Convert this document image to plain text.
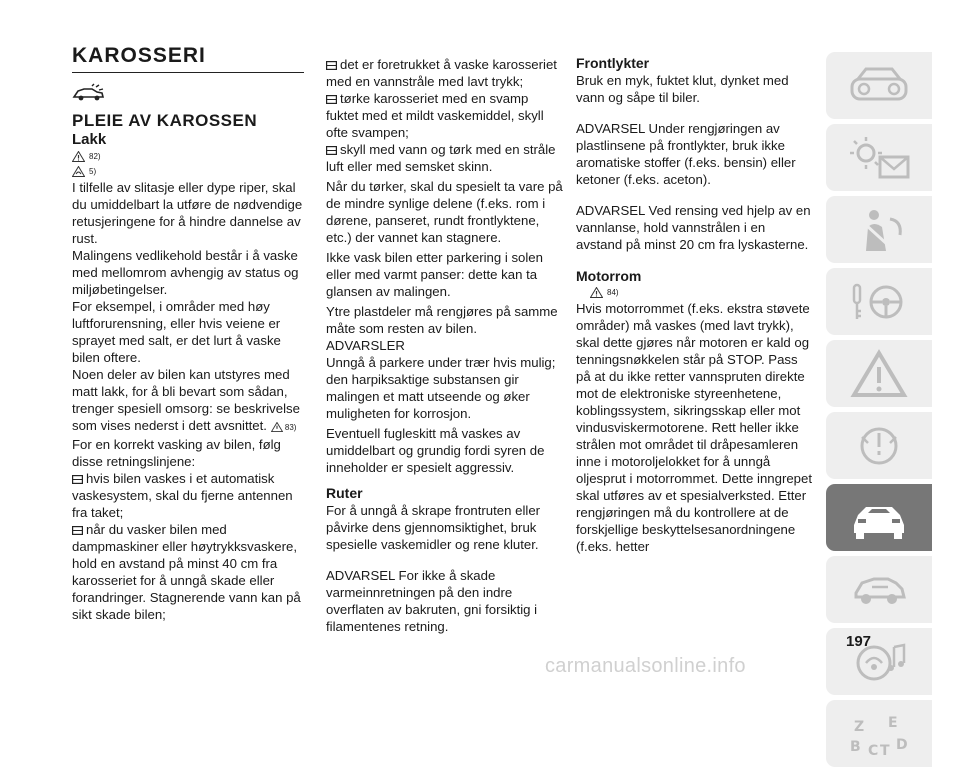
KAROSSERI
PLEIE AV KAROSSEN
Lakk
82)
5)

I tilfelle av slitasje eller dype riper, skal du umiddelbart la utføre de nødvendige retusjeringene for å hindre dannelse av rust.

Malingens vedlikehold består i å vaske med mellomrom avhengig av status og miljøbetingelser.

For eksempel, i områder med høy luftforurensning, eller hvis veiene er sprayet med salt, er det lurt å vaske bilen oftere.

Noen deler av bilen kan utstyres med matt lakk, for å bli bevart som sådan, trenger spesiell omsorg: se beskrivelse som vises nederst i dett avsnittet. 83)

For en korrekt vasking av bilen, følg disse retningslinjene:

hvis bilen vaskes i et automatisk vaskesystem, skal du fjerne antennen fra taket;

når du vasker bilen med dampmaskiner eller høytrykksvaskere, hold en avstand på minst 40 cm fra karosseriet for å unngå skade eller forandringer. Stagnerende vann kan på sikt skade bilen;

det er foretrukket å vaske karosseriet med en vannstråle med lavt trykk;

tørke karosseriet med en svamp fuktet med et mildt vaskemiddel, skyll ofte svampen;

skyll med vann og tørk med en stråle luft eller med semsket skinn.

Når du tørker, skal du spesielt ta vare på de mindre synlige delene (f.eks. rom i dørene, panseret, rundt frontlyktene, etc.) der vannet kan stagnere.

Ikke vask bilen etter parkering i solen eller med varmt panser: dette kan ta glansen av malingen.

Ytre plastdeler må rengjøres på samme måte som resten av bilen.

ADVARSLER

Unngå å parkere under trær hvis mulig; den harpiksaktige substansen gir malingen et matt utseende og øker muligheten for korrosjon.

Eventuell fugleskitt må vaskes av umiddelbart og grundig fordi syren de inneholder er spesielt aggressiv.

Ruter

For å unngå å skrape frontruten eller påvirke dens gjennomsiktighet, bruk spesielle vaskemidler og rene kluter.

ADVARSEL For ikke å skade varmeinnretningen på den indre overflaten av bakruten, gni forsiktig i filamentenes retning.

Frontlykter

Bruk en myk, fuktet klut, dynket med vann og såpe til biler.

ADVARSEL Under rengjøringen av plastlinsene på frontlykter, bruk ikke aromatiske stoffer (f.eks. bensin) eller ketoner (f.eks. aceton).

ADVARSEL Ved rensing ved hjelp av en vannlanse, hold vannstrålen i en avstand på minst 20 cm fra lyskasterne.

Motorrom
84)

Hvis motorrommet (f.eks. ekstra støvete områder) må vaskes (med lavt trykk), skal dette gjøres når motoren er kald og tenningsnøkkelen står på STOP. Pass på at du ikke retter vannspruten direkte mot de elektroniske styreenhetene, koblingssystem, sikringsskap eller mot vindusviskermotorene. Rett heller ikke strålen mot området til dråpesamleren inne i motoroljelokket for å unngå oljesprut i motorrommet. Dette inngrepet skal utføres av et spesialverksted. Etter rengjøringen må du kontrollere at de forskjellige beskyttelsesanordningene (f.eks. hetter

Z E
B C T D
197
carmanualsonline.info
